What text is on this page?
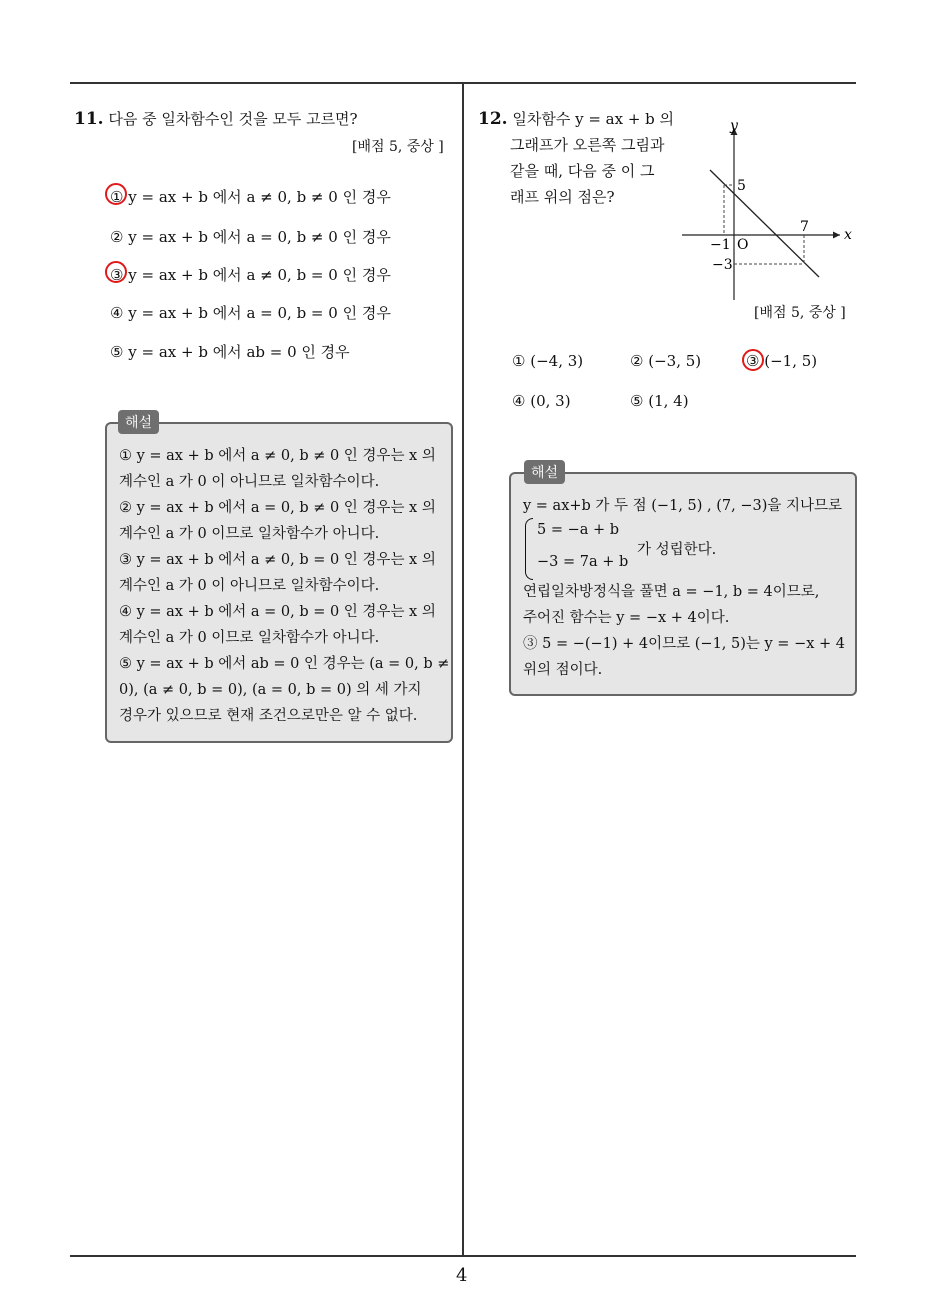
4
11. 다음 중 일차함수인 것을 모두 고르면?
[배점 5, 중상 ]
① y = ax + b 에서 a ≠ 0, b ≠ 0 인 경우
② y = ax + b 에서 a = 0, b ≠ 0 인 경우
③ y = ax + b 에서 a ≠ 0, b = 0 인 경우
④ y = ax + b 에서 a = 0, b = 0 인 경우
⑤ y = ax + b 에서 ab = 0 인 경우
① y = ax + b 에서 a ≠ 0, b ≠ 0 인 경우는 x 의
계수인 a 가 0 이 아니므로 일차함수이다.
② y = ax + b 에서 a = 0, b ≠ 0 인 경우는 x 의
계수인 a 가 0 이므로 일차함수가 아니다.
③ y = ax + b 에서 a ≠ 0, b = 0 인 경우는 x 의
계수인 a 가 0 이 아니므로 일차함수이다.
④ y = ax + b 에서 a = 0, b = 0 인 경우는 x 의
계수인 a 가 0 이므로 일차함수가 아니다.
⑤ y = ax + b 에서 ab = 0 인 경우는 (a = 0, b ≠
0), (a ≠ 0, b = 0), (a = 0, b = 0) 의 세 가지
경우가 있으므로 현재 조건으로만은 알 수 없다.
해설
12. 일차함수 y = ax + b 의
그래프가 오른쪽 그림과
같을 때, 다음 중 이 그
래프 위의 점은?
y
x
O
5
7
−1
−3
[배점 5, 중상 ]
① (−4, 3)	② (−3, 5)	③ (−1, 5)
④ (0, 3)	⑤ (1, 4)
y = ax+b 가 두 점 (−1, 5) , (7, −3)을 지나므로
5 = −a + b
−3 = 7a + b
가 성립한다.
연립일차방정식을 풀면 a = −1, b = 4이므로,
주어진 함수는 y = −x + 4이다.
③ 5 = −(−1) + 4이므로 (−1, 5)는 y = −x + 4
위의 점이다.
해설
